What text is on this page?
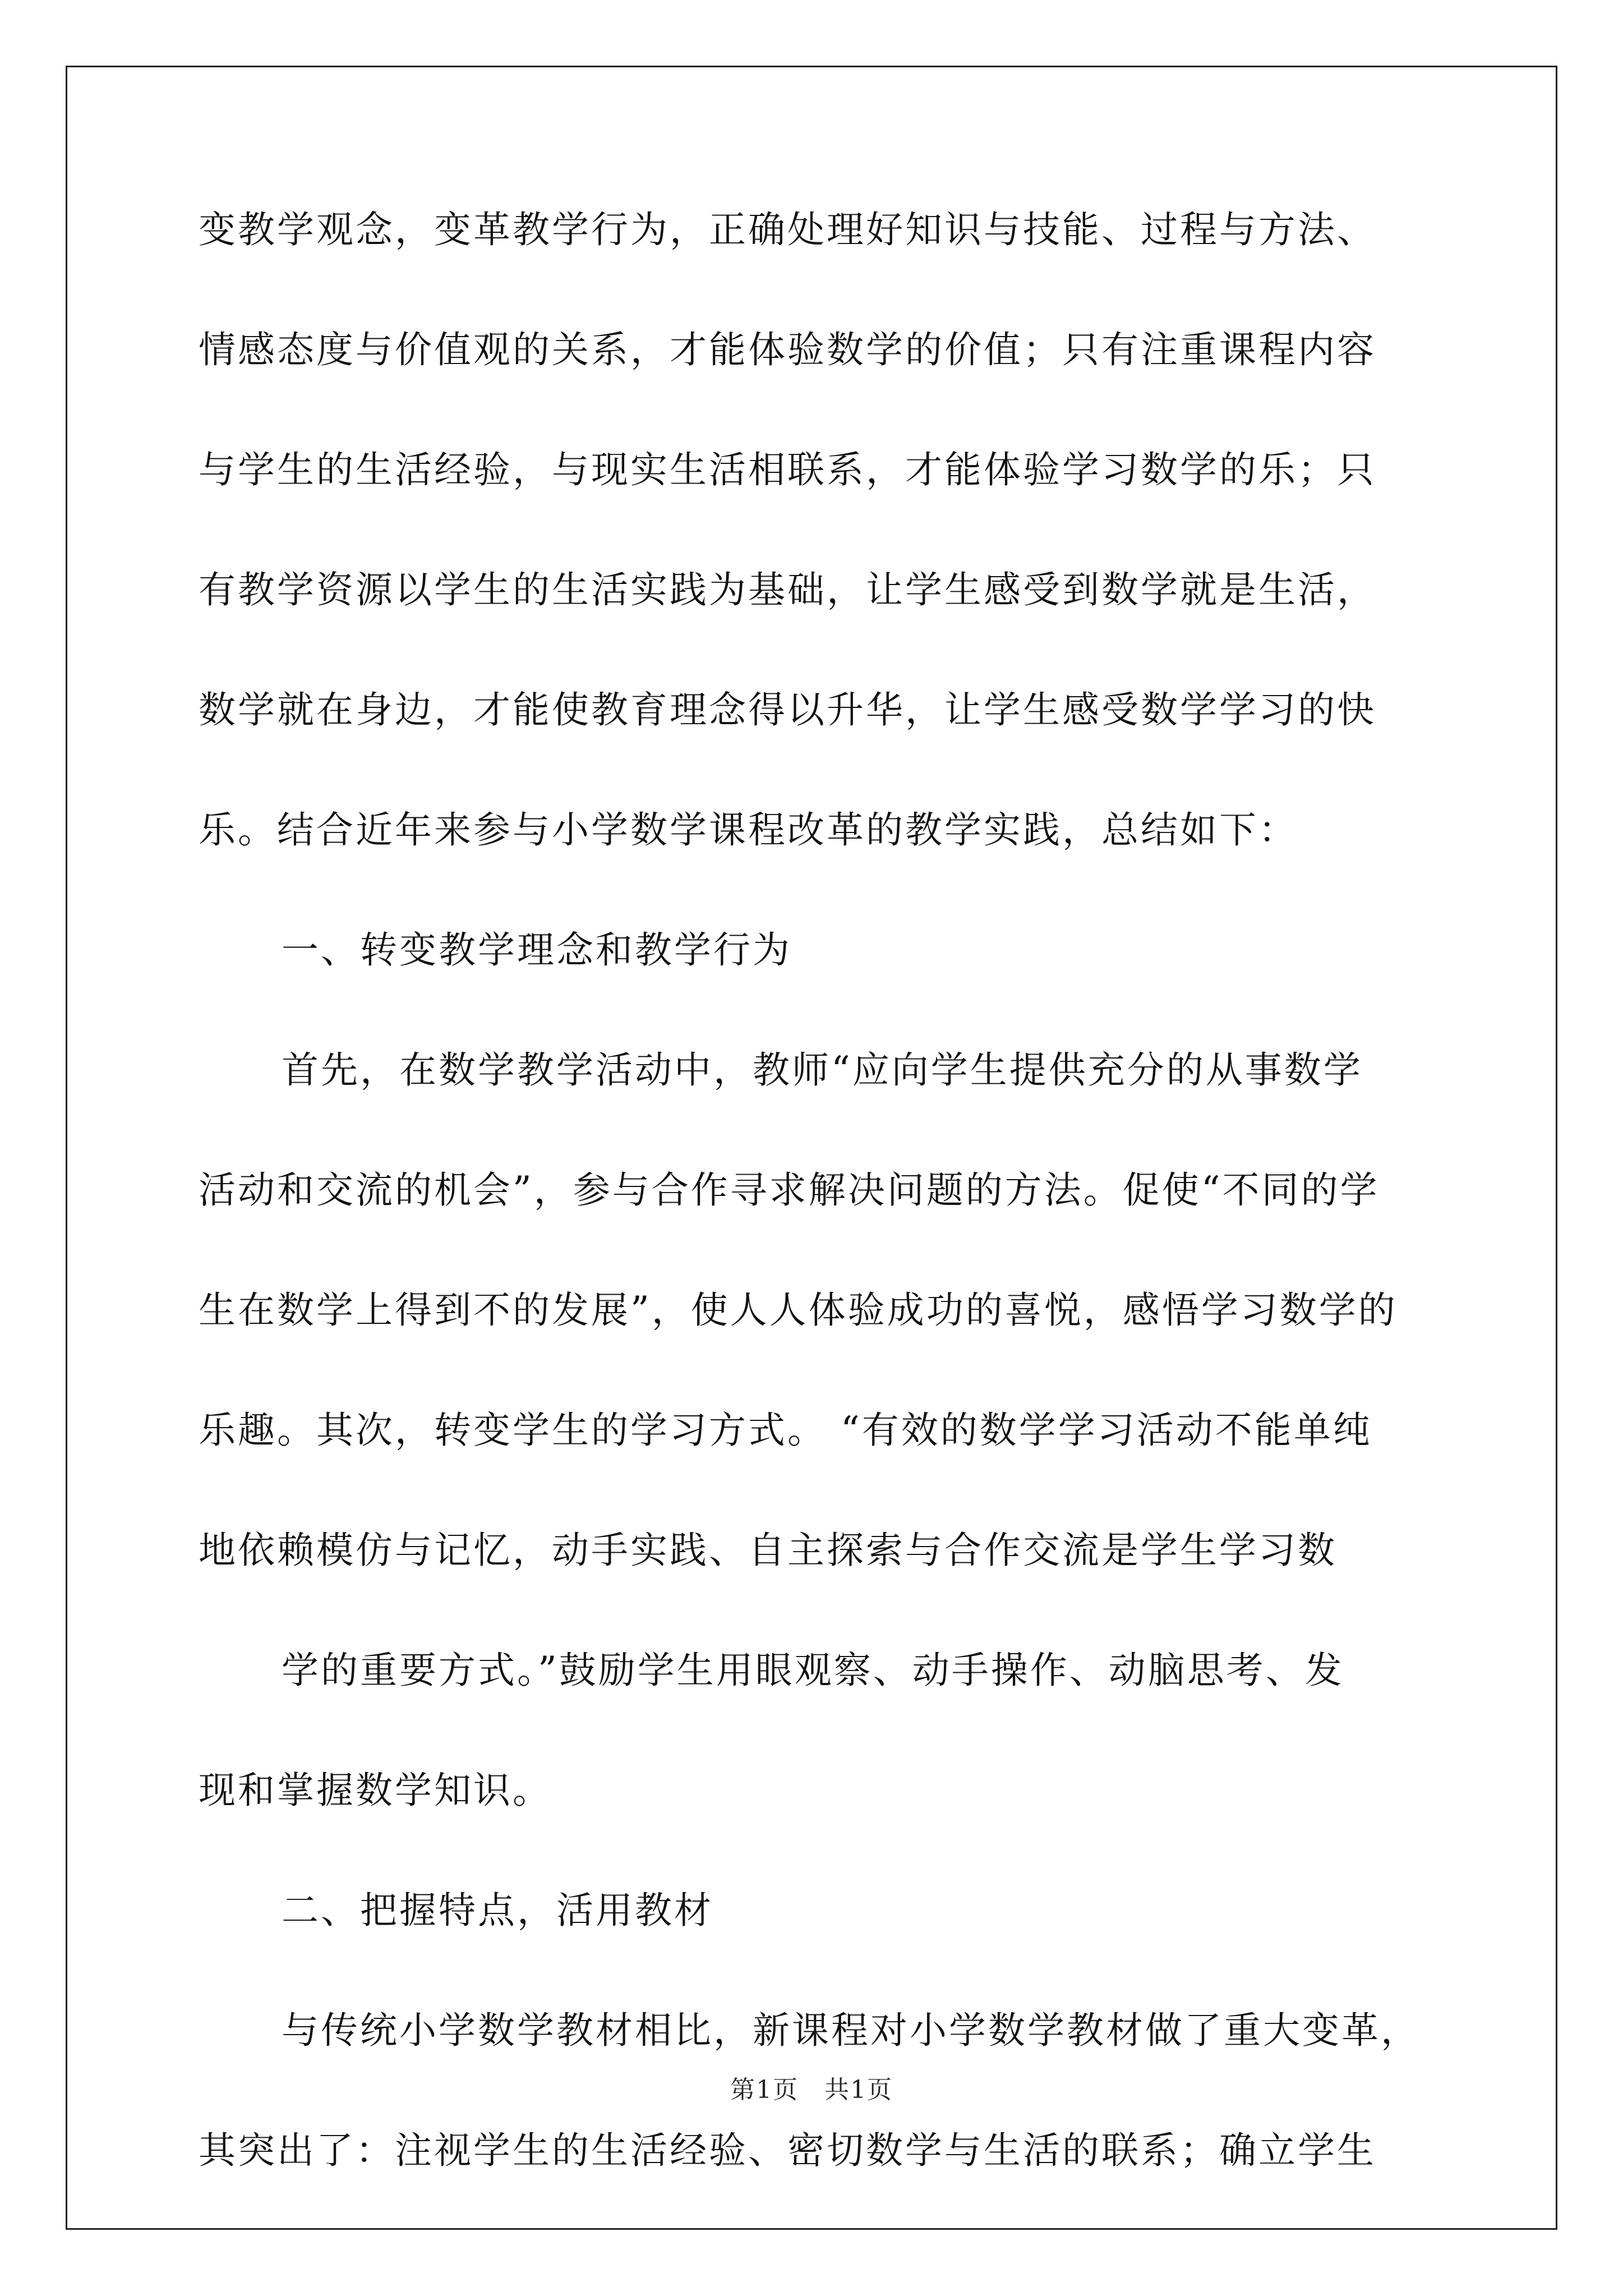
变教学观念，变革教学行为，正确处理好知识与技能、过程与方法、
情感态度与价值观的关系，才能体验数学的价值；只有注重课程内容
与学生的生活经验，与现实生活相联系，才能体验学习数学的乐；只
有教学资源以学生的生活实践为基础，让学生感受到数学就是生活，
数学就在身边，才能使教育理念得以升华，让学生感受数学学习的快
乐。结合近年来参与小学数学课程改革的教学实践，总结如下：
一、转变教学理念和教学行为
首先，在数学教学活动中，教师“应向学生提供充分的从事数学
活动和交流的机会”，参与合作寻求解决问题的方法。促使“不同的学
生在数学上得到不的发展”，使人人体验成功的喜悦，感悟学习数学的
乐趣。其次，转变学生的学习方式。 “有效的数学学习活动不能单纯
地依赖模仿与记忆，动手实践、自主探索与合作交流是学生学习数
学的重要方式。”鼓励学生用眼观察、动手操作、动脑思考、发
现和掌握数学知识。
二、把握特点，活用教材
与传统小学数学教材相比，新课程对小学数学教材做了重大变革，
其突出了：注视学生的生活经验、密切数学与生活的联系；确立学生
第1页　共1页
